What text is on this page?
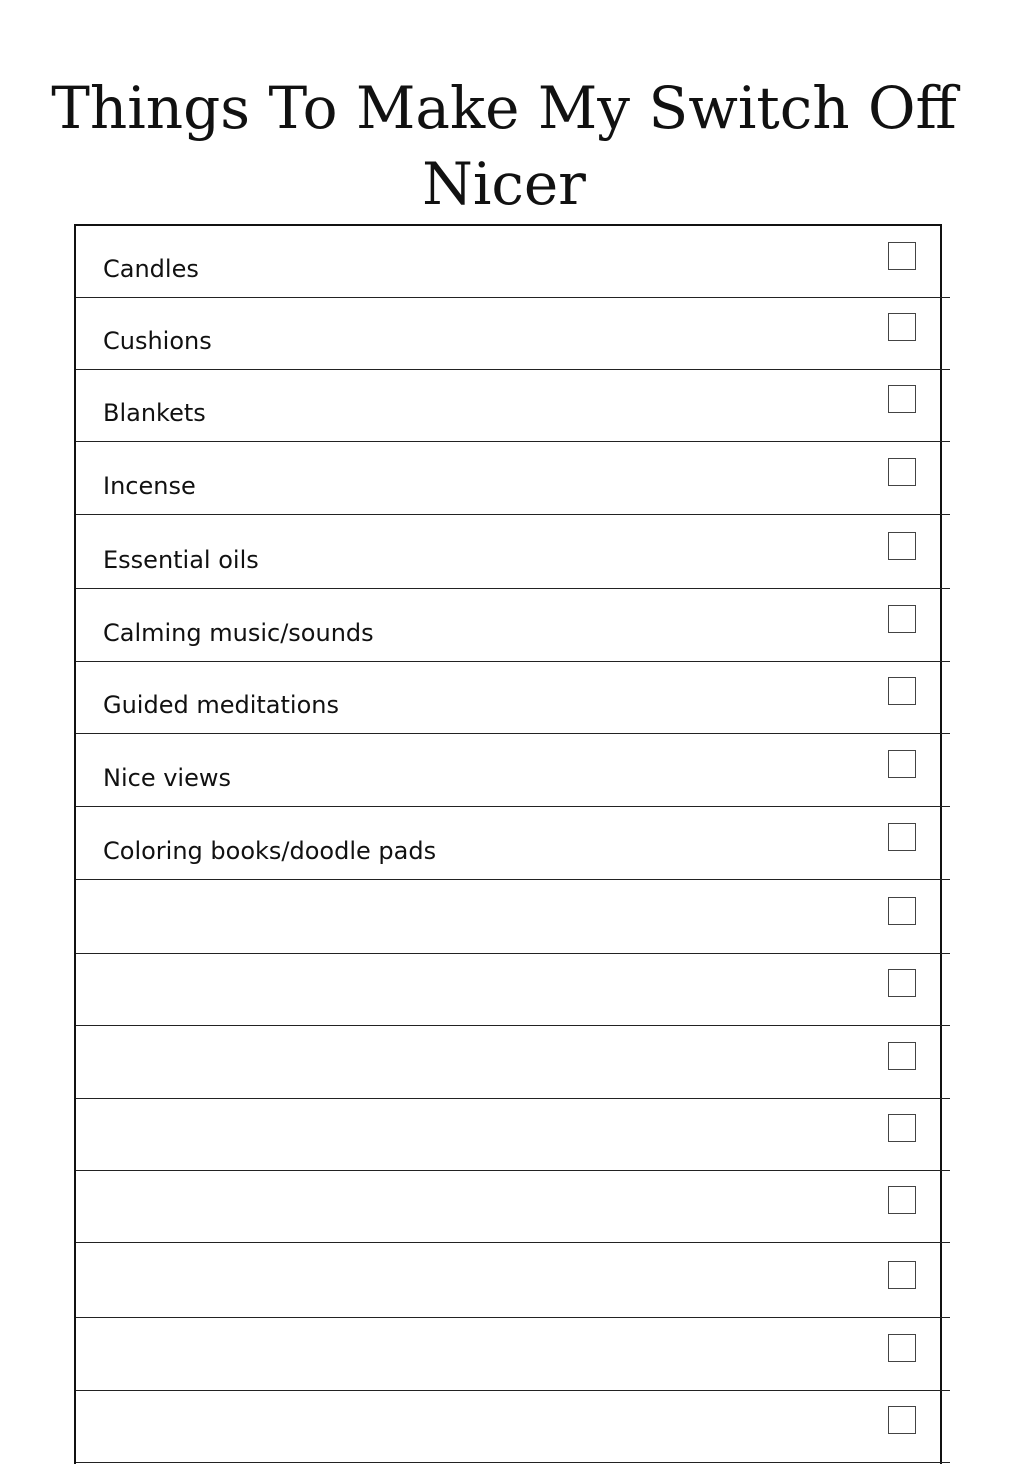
Things To Make My Switch Off Nicer
Candles
Cushions
Blankets
Incense
Essential oils
Calming music/sounds
Guided meditations
Nice views
Coloring books/doodle pads
